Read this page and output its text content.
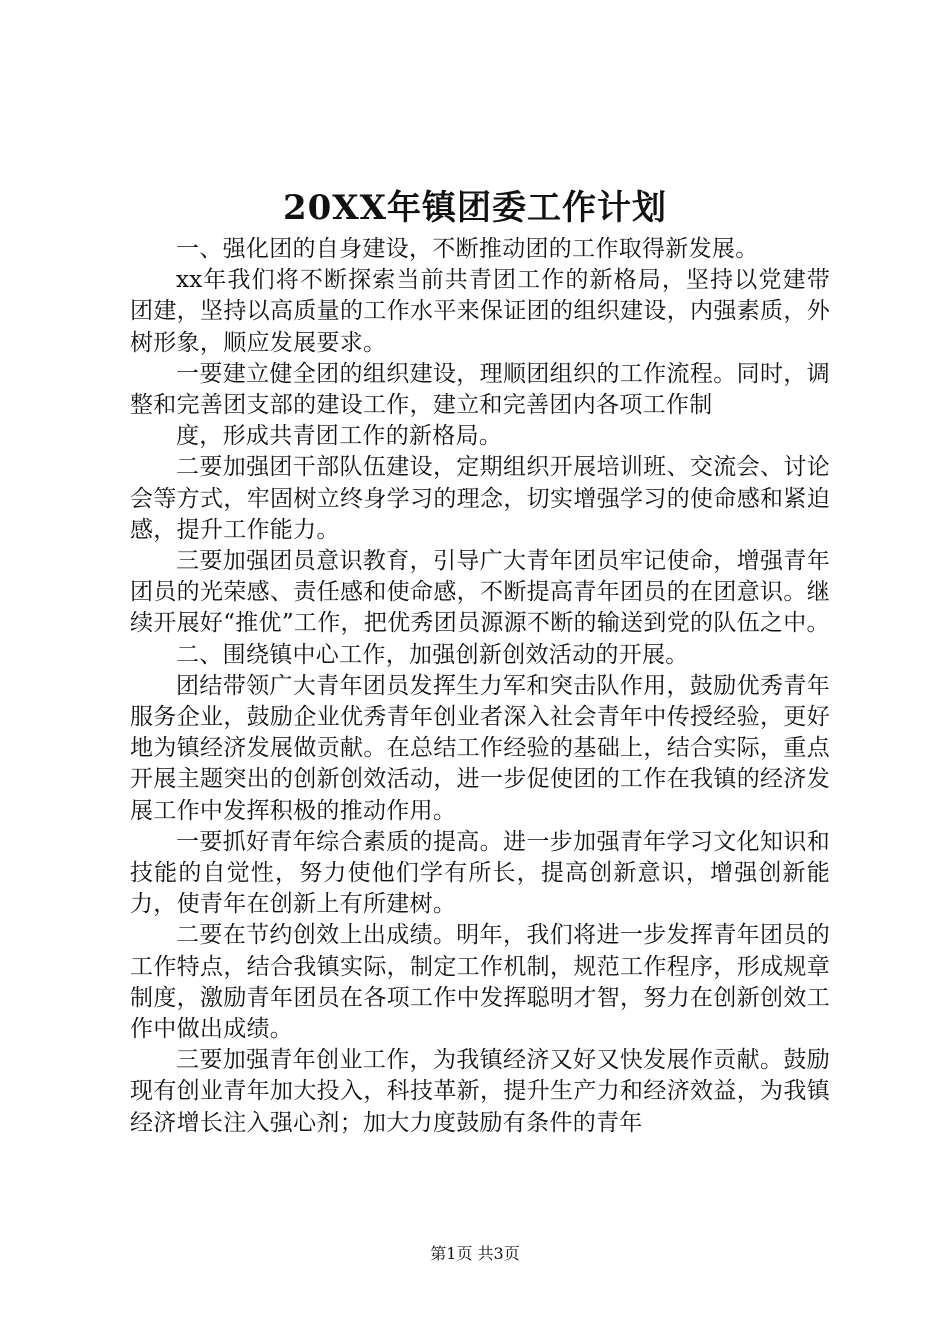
20XX年镇团委工作计划

一、强化团的自身建设，不断推动团的工作取得新发展。

xx年我们将不断探索当前共青团工作的新格局，坚持以党建带团建，坚持以高质量的工作水平来保证团的组织建设，内强素质，外树形象，顺应发展要求。

一要建立健全团的组织建设，理顺团组织的工作流程。同时，调整和完善团支部的建设工作，建立和完善团内各项工作制

度，形成共青团工作的新格局。

二要加强团干部队伍建设，定期组织开展培训班、交流会、讨论会等方式，牢固树立终身学习的理念，切实增强学习的使命感和紧迫感，提升工作能力。

三要加强团员意识教育，引导广大青年团员牢记使命，增强青年团员的光荣感、责任感和使命感，不断提高青年团员的在团意识。继续开展好“推优”工作，把优秀团员源源不断的输送到党的队伍之中。

二、围绕镇中心工作，加强创新创效活动的开展。

团结带领广大青年团员发挥生力军和突击队作用，鼓励优秀青年服务企业，鼓励企业优秀青年创业者深入社会青年中传授经验，更好地为镇经济发展做贡献。在总结工作经验的基础上，结合实际，重点开展主题突出的创新创效活动，进一步促使团的工作在我镇的经济发展工作中发挥积极的推动作用。

一要抓好青年综合素质的提高。进一步加强青年学习文化知识和技能的自觉性，努力使他们学有所长，提高创新意识，增强创新能力，使青年在创新上有所建树。

二要在节约创效上出成绩。明年，我们将进一步发挥青年团员的工作特点，结合我镇实际，制定工作机制，规范工作程序，形成规章制度，激励青年团员在各项工作中发挥聪明才智，努力在创新创效工作中做出成绩。

三要加强青年创业工作，为我镇经济又好又快发展作贡献。鼓励现有创业青年加大投入，科技革新，提升生产力和经济效益，为我镇经济增长注入强心剂；加大力度鼓励有条件的青年

第1页 共3页
